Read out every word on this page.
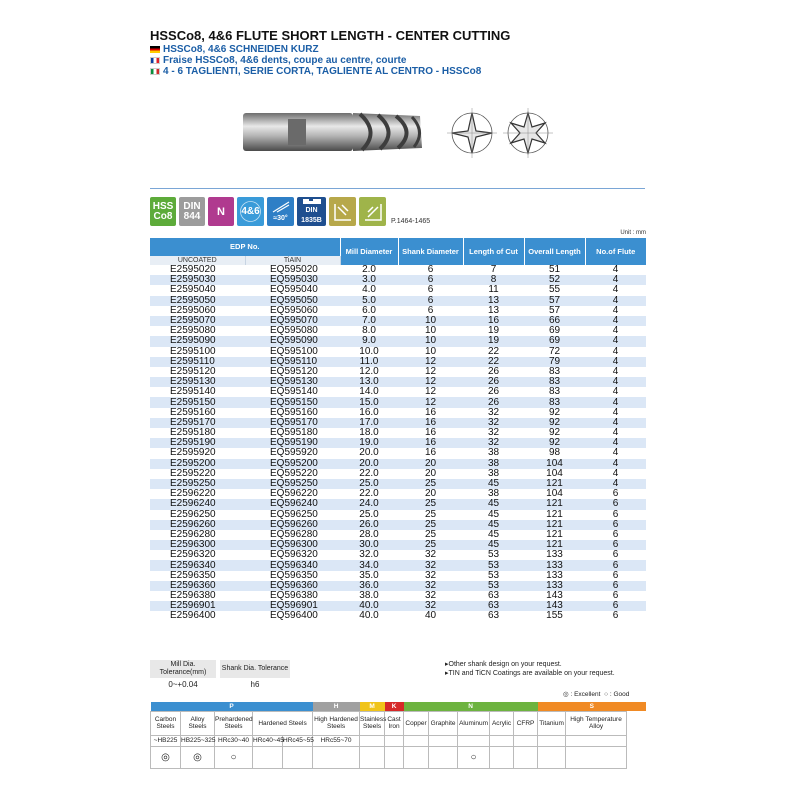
HSSCo8, 4&6 FLUTE SHORT LENGTH - CENTER CUTTING
HSSCo8, 4&6 SCHNEIDEN KURZ
Fraise HSSCo8, 4&6 dents, coupe au centre, courte
4 - 6 TAGLIENTI, SERIE CORTA, TAGLIENTE AL CENTRO - HSSCo8
HSS
Co8
DIN
844	N	4&6
≈30°
DIN
1835B	P.1464-1465
Unit : mm
EDP No.		Mill Diameter	Shank Diameter	Length of Cut	Overall Length	No.of Flute
UNCOATED	TiAIN					
E2595020	EQ595020	2.0	6	7	51	4
E2595030	EQ595030	3.0	6	8	52	4
E2595040	EQ595040	4.0	6	11	55	4
E2595050	EQ595050	5.0	6	13	57	4
E2595060	EQ595060	6.0	6	13	57	4
E2595070	EQ595070	7.0	10	16	66	4
E2595080	EQ595080	8.0	10	19	69	4
E2595090	EQ595090	9.0	10	19	69	4
E2595100	EQ595100	10.0	10	22	72	4
E2595110	EQ595110	11.0	12	22	79	4
E2595120	EQ595120	12.0	12	26	83	4
E2595130	EQ595130	13.0	12	26	83	4
E2595140	EQ595140	14.0	12	26	83	4
E2595150	EQ595150	15.0	12	26	83	4
E2595160	EQ595160	16.0	16	32	92	4
E2595170	EQ595170	17.0	16	32	92	4
E2595180	EQ595180	18.0	16	32	92	4
E2595190	EQ595190	19.0	16	32	92	4
E2595920	EQ595920	20.0	16	38	98	4
E2595200	EQ595200	20.0	20	38	104	4
E2595220	EQ595220	22.0	20	38	104	4
E2595250	EQ595250	25.0	25	45	121	4
E2596220	EQ596220	22.0	20	38	104	6
E2596240	EQ596240	24.0	25	45	121	6
E2596250	EQ596250	25.0	25	45	121	6
E2596260	EQ596260	26.0	25	45	121	6
E2596280	EQ596280	28.0	25	45	121	6
E2596300	EQ596300	30.0	25	45	121	6
E2596320	EQ596320	32.0	32	53	133	6
E2596340	EQ596340	34.0	32	53	133	6
E2596350	EQ596350	35.0	32	53	133	6
E2596360	EQ596360	36.0	32	53	133	6
E2596380	EQ596380	38.0	32	63	143	6
E2596901	EQ596901	40.0	32	63	143	6
E2596400	EQ596400	40.0	40	63	155	6
Mill Dia. Tolerance(mm)		Shank Dia. Tolerance
0~+0.04		h6
▸Other shank design on your request.
▸TIN and TiCN Coatings are available on your request.
◎ : Excellent ○ : Good
P					H	M	K	N					S	
Carbon Steels	Alloy Steels	Prehardened Steels	Hardened Steels		High Hardened Steels	Stainless Steels	Cast Iron	Copper	Graphite	Aluminum	Acrylic	CFRP	Titanium	High Temperature Alloy
~HB225	HB225~325	HRc30~40	HRc40~45	HRc45~55	HRc55~70									
◎	◎	○								○				
